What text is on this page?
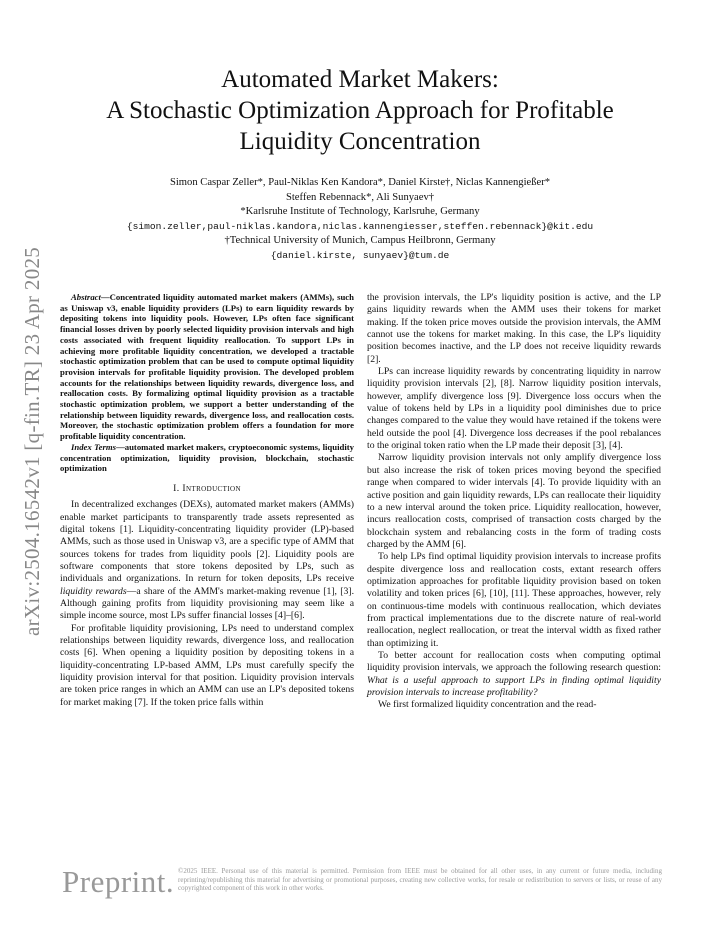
arXiv:2504.16542v1 [q-fin.TR] 23 Apr 2025
Automated Market Makers:
A Stochastic Optimization Approach for Profitable
Liquidity Concentration
Simon Caspar Zeller*, Paul-Niklas Ken Kandora*, Daniel Kirste†, Niclas Kannengießer*
Steffen Rebennack*, Ali Sunyaev†
*Karlsruhe Institute of Technology, Karlsruhe, Germany
{simon.zeller,paul-niklas.kandora,niclas.kannengiesser,steffen.rebennack}@kit.edu
†Technical University of Munich, Campus Heilbronn, Germany
{daniel.kirste, sunyaev}@tum.de

Abstract—Concentrated liquidity automated market makers (AMMs), such as Uniswap v3, enable liquidity providers (LPs) to earn liquidity rewards by depositing tokens into liquidity pools. However, LPs often face significant financial losses driven by poorly selected liquidity provision intervals and high costs associated with frequent liquidity reallocation. To support LPs in achieving more profitable liquidity concentration, we developed a tractable stochastic optimization problem that can be used to compute optimal liquidity provision intervals for profitable liquidity provision. The developed problem accounts for the relationships between liquidity rewards, divergence loss, and reallocation costs. By formalizing optimal liquidity provision as a tractable stochastic optimization problem, we support a better understanding of the relationship between liquidity rewards, divergence loss, and reallocation costs. Moreover, the stochastic optimization problem offers a foundation for more profitable liquidity concentration.

Index Terms—automated market makers, cryptoeconomic systems, liquidity concentration optimization, liquidity provision, blockchain, stochastic optimization

I. Introduction

In decentralized exchanges (DEXs), automated market makers (AMMs) enable market participants to transparently trade assets represented as digital tokens [1]. Liquidity-concentrating liquidity provider (LP)-based AMMs, such as those used in Uniswap v3, are a specific type of AMM that sources tokens for trades from liquidity pools [2]. Liquidity pools are software components that store tokens deposited by LPs, such as individuals and organizations. In return for token deposits, LPs receive liquidity rewards—a share of the AMM's market-making revenue [1], [3]. Although gaining profits from liquidity provisioning may seem like a simple income source, most LPs suffer financial losses [4]–[6].

For profitable liquidity provisioning, LPs need to understand complex relationships between liquidity rewards, divergence loss, and reallocation costs [6]. When opening a liquidity position by depositing tokens in a liquidity-concentrating LP-based AMM, LPs must carefully specify the liquidity provision interval for that position. Liquidity provision intervals are token price ranges in which an AMM can use an LP's deposited tokens for market making [7]. If the token price falls within

the provision intervals, the LP's liquidity position is active, and the LP gains liquidity rewards when the AMM uses their tokens for market making. If the token price moves outside the provision intervals, the AMM cannot use the tokens for market making. In this case, the LP's liquidity position becomes inactive, and the LP does not receive liquidity rewards [2].

LPs can increase liquidity rewards by concentrating liquidity in narrow liquidity provision intervals [2], [8]. Narrow liquidity position intervals, however, amplify divergence loss [9]. Divergence loss occurs when the value of tokens held by LPs in a liquidity pool diminishes due to price changes compared to the value they would have retained if the tokens were held outside the pool [4]. Divergence loss decreases if the pool rebalances to the original token ratio when the LP made their deposit [3], [4].

Narrow liquidity provision intervals not only amplify divergence loss but also increase the risk of token prices moving beyond the specified range when compared to wider intervals [4]. To provide liquidity with an active position and gain liquidity rewards, LPs can reallocate their liquidity to a new interval around the token price. Liquidity reallocation, however, incurs reallocation costs, comprised of transaction costs charged by the blockchain system and rebalancing costs in the form of trading costs charged by the AMM [6].

To help LPs find optimal liquidity provision intervals to increase profits despite divergence loss and reallocation costs, extant research offers optimization approaches for profitable liquidity provision based on token volatility and token prices [6], [10], [11]. These approaches, however, rely on continuous-time models with continuous reallocation, which deviates from practical implementations due to the discrete nature of real-world reallocation, neglect reallocation, or treat the interval width as fixed rather than optimizing it.

To better account for reallocation costs when computing optimal liquidity provision intervals, we approach the following research question: What is a useful approach to support LPs in finding optimal liquidity provision intervals to increase profitability?

We first formalized liquidity concentration and the read-

Preprint. ©2025 IEEE. Personal use of this material is permitted. Permission from IEEE must be obtained for all other uses, in any current or future media, including reprinting/republishing this material for advertising or promotional purposes, creating new collective works, for resale or redistribution to servers or lists, or reuse of any copyrighted component of this work in other works.
